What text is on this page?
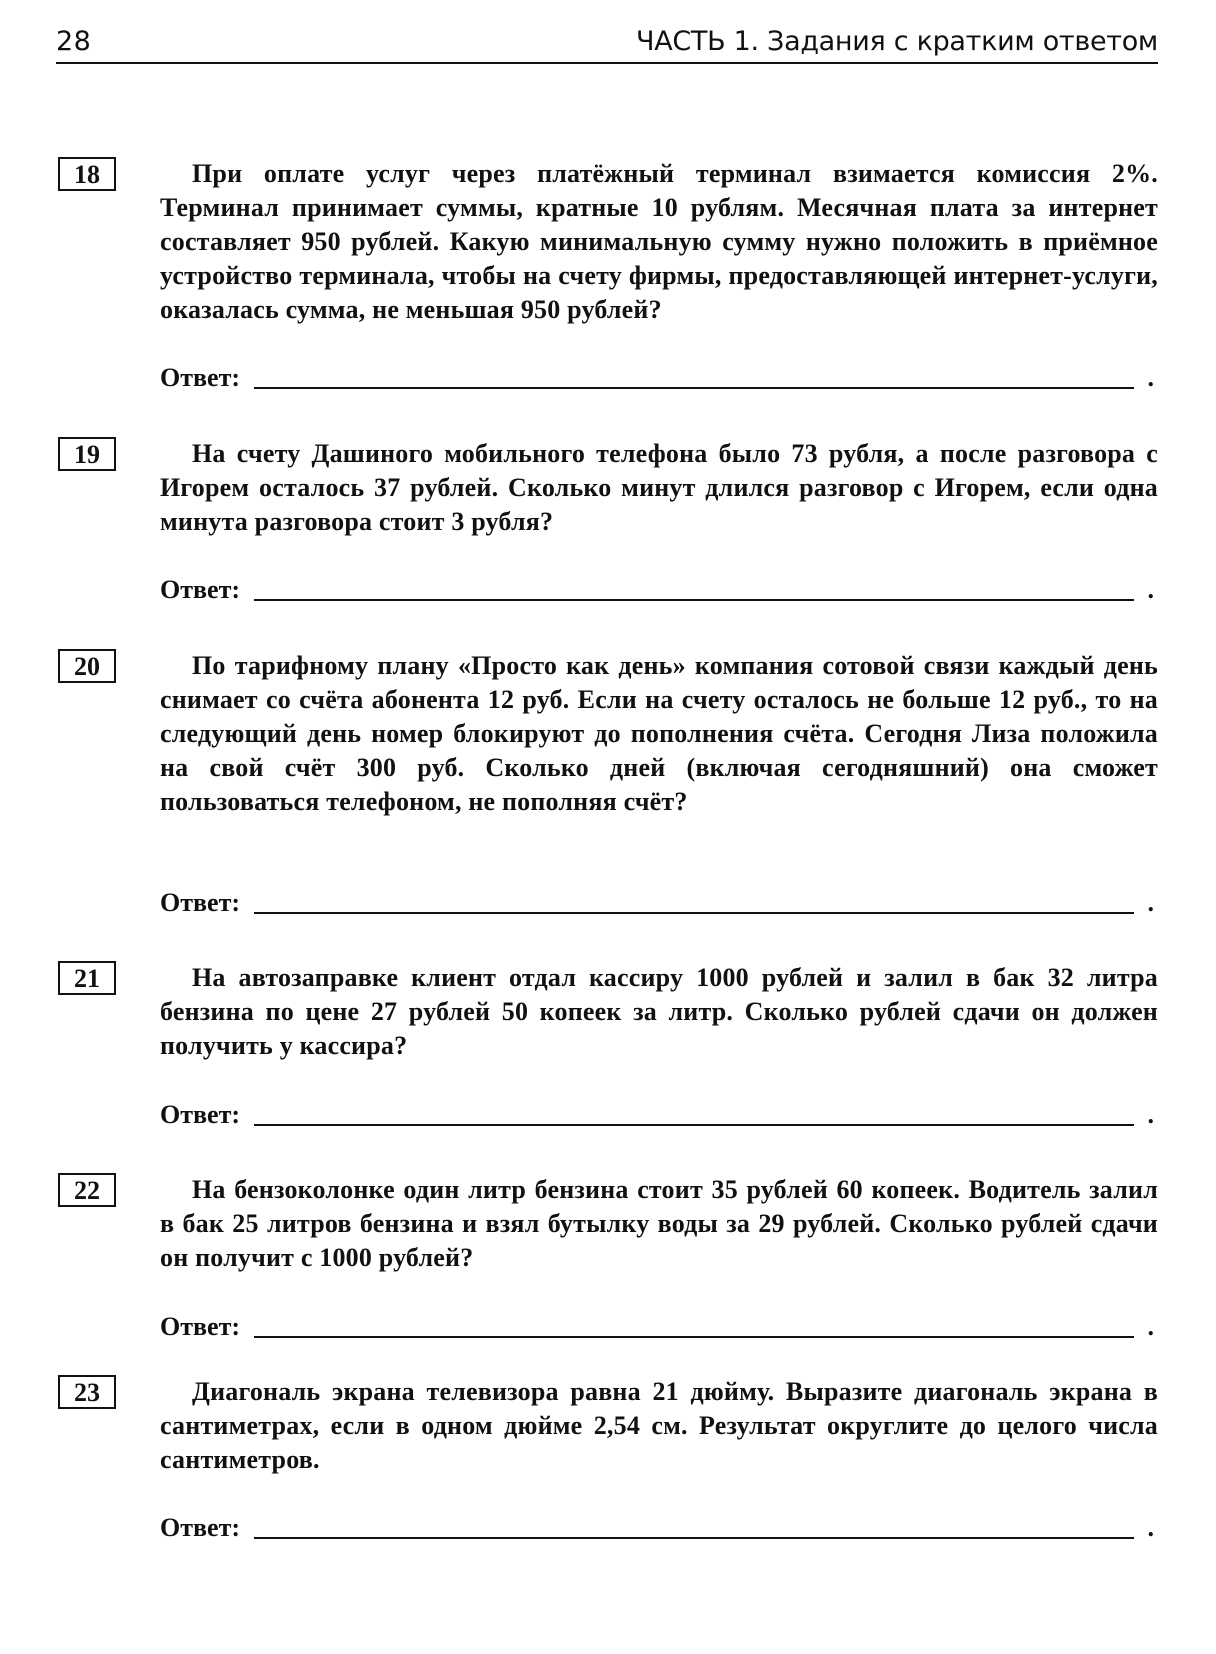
28	ЧАСТЬ 1. Задания с кратким ответом
18	При оплате услуг через платёжный терминал взимается комиссия 2%. Терминал принимает суммы, кратные 10 рублям. Месячная плата за интернет составляет 950 рублей. Какую минимальную сумму нужно положить в приёмное устройство терминала, чтобы на счету фирмы, предоставляющей интернет-услуги, оказалась сумма, не меньшая 950 рублей?

Ответ:	.
19	На счету Дашиного мобильного телефона было 73 рубля, а после разговора с Игорем осталось 37 рублей. Сколько минут длился разговор с Игорем, если одна минута разговора стоит 3 рубля?

Ответ:	.
20	По тарифному плану «Просто как день» компания сотовой связи каждый день снимает со счёта абонента 12 руб. Если на счету осталось не больше 12 руб., то на следующий день номер блокируют до пополнения счёта. Сегодня Лиза положила на свой счёт 300 руб. Сколько дней (включая сегодняшний) она сможет пользоваться телефоном, не пополняя счёт?

Ответ:	.
21	На автозаправке клиент отдал кассиру 1000 рублей и залил в бак 32 литра бензина по цене 27 рублей 50 копеек за литр. Сколько рублей сдачи он должен получить у кассира?

Ответ:	.
22	На бензоколонке один литр бензина стоит 35 рублей 60 копеек. Водитель залил в бак 25 литров бензина и взял бутылку воды за 29 рублей. Сколько рублей сдачи он получит с 1000 рублей?

Ответ:	.
23	Диагональ экрана телевизора равна 21 дюйму. Выразите диагональ экрана в сантиметрах, если в одном дюйме 2,54 см. Результат округлите до целого числа сантиметров.

Ответ:	.
